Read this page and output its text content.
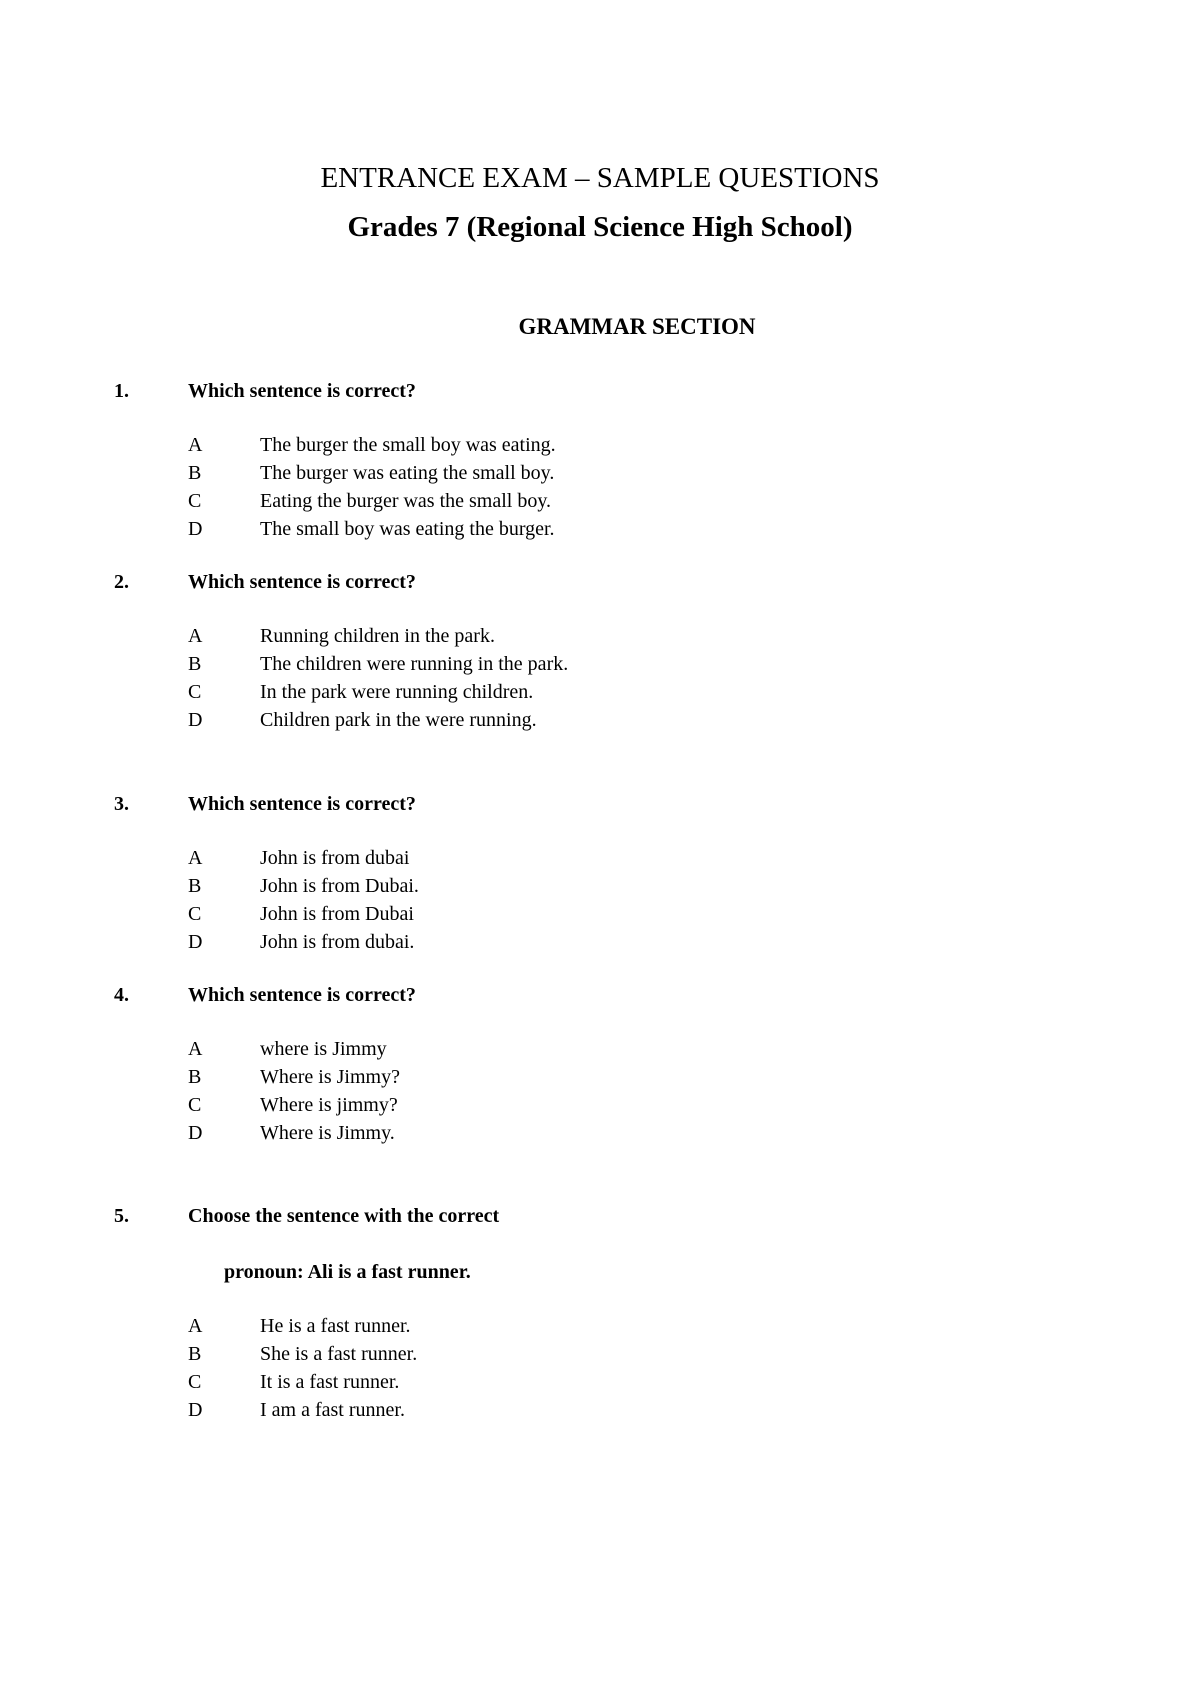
ENTRANCE EXAM – SAMPLE QUESTIONS
Grades 7 (Regional Science High School)
GRAMMAR SECTION
1.	Which sentence is correct?
A	The burger the small boy was eating.
B	The burger was eating the small boy.
C	Eating the burger was the small boy.
D	The small boy was eating the burger.
2.	Which sentence is correct?
A	Running children in the park.
B	The children were running in the park.
C	In the park were running children.
D	Children park in the were running.
3.	Which sentence is correct?
A	John is from dubai
B	John is from Dubai.
C	John is from Dubai
D	John is from dubai.
4.	Which sentence is correct?
A	where is Jimmy
B	Where is Jimmy?
C	Where is jimmy?
D	Where is Jimmy.
5.	Choose the sentence with the correct
pronoun: Ali is a fast runner.
A	He is a fast runner.
B	She is a fast runner.
C	It is a fast runner.
D	I am a fast runner.
